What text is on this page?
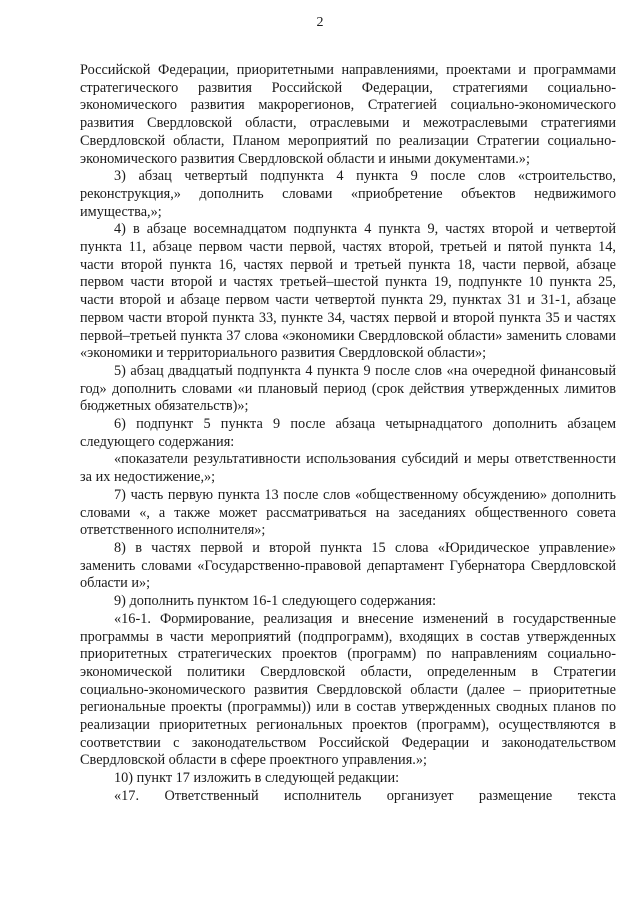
2

Российской Федерации, приоритетными направлениями, проектами и программами стратегического развития Российской Федерации, стратегиями социально-экономического развития макрорегионов, Стратегией социально-экономического развития Свердловской области, отраслевыми и межотраслевыми стратегиями Свердловской области, Планом мероприятий по реализации Стратегии социально-экономического развития Свердловской области и иными документами.»;

3) абзац четвертый подпункта 4 пункта 9 после слов «строительство, реконструкция,» дополнить словами «приобретение объектов недвижимого имущества,»;

4) в абзаце восемнадцатом подпункта 4 пункта 9, частях второй и четвертой пункта 11, абзаце первом части первой, частях второй, третьей и пятой пункта 14, части второй пункта 16, частях первой и третьей пункта 18, части первой, абзаце первом части второй и частях третьей–шестой пункта 19, подпункте 10 пункта 25, части второй и абзаце первом части четвертой пункта 29, пунктах 31 и 31-1, абзаце первом части второй пункта 33, пункте 34, частях первой и второй пункта 35 и частях первой–третьей пункта 37 слова «экономики Свердловской области» заменить словами «экономики и территориального развития Свердловской области»;

5) абзац двадцатый подпункта 4 пункта 9 после слов «на очередной финансовый год» дополнить словами «и плановый период (срок действия утвержденных лимитов бюджетных обязательств)»;

6) подпункт 5 пункта 9 после абзаца четырнадцатого дополнить абзацем следующего содержания:

«показатели результативности использования субсидий и меры ответственности за их недостижение,»;

7) часть первую пункта 13 после слов «общественному обсуждению» дополнить словами «, а также может рассматриваться на заседаниях общественного совета ответственного исполнителя»;

8) в частях первой и второй пункта 15 слова «Юридическое управление» заменить словами «Государственно-правовой департамент Губернатора Свердловской области и»;

9) дополнить пунктом 16-1 следующего содержания:

«16-1. Формирование, реализация и внесение изменений в государственные программы в части мероприятий (подпрограмм), входящих в состав утвержденных приоритетных стратегических проектов (программ) по направлениям социально-экономической политики Свердловской области, определенным в Стратегии социально-экономического развития Свердловской области (далее – приоритетные региональные проекты (программы)) или в состав утвержденных сводных планов по реализации приоритетных региональных проектов (программ), осуществляются в соответствии с законодательством Российской Федерации и законодательством Свердловской области в сфере проектного управления.»;

10) пункт 17 изложить в следующей редакции:

«17. Ответственный исполнитель организует размещение текста
